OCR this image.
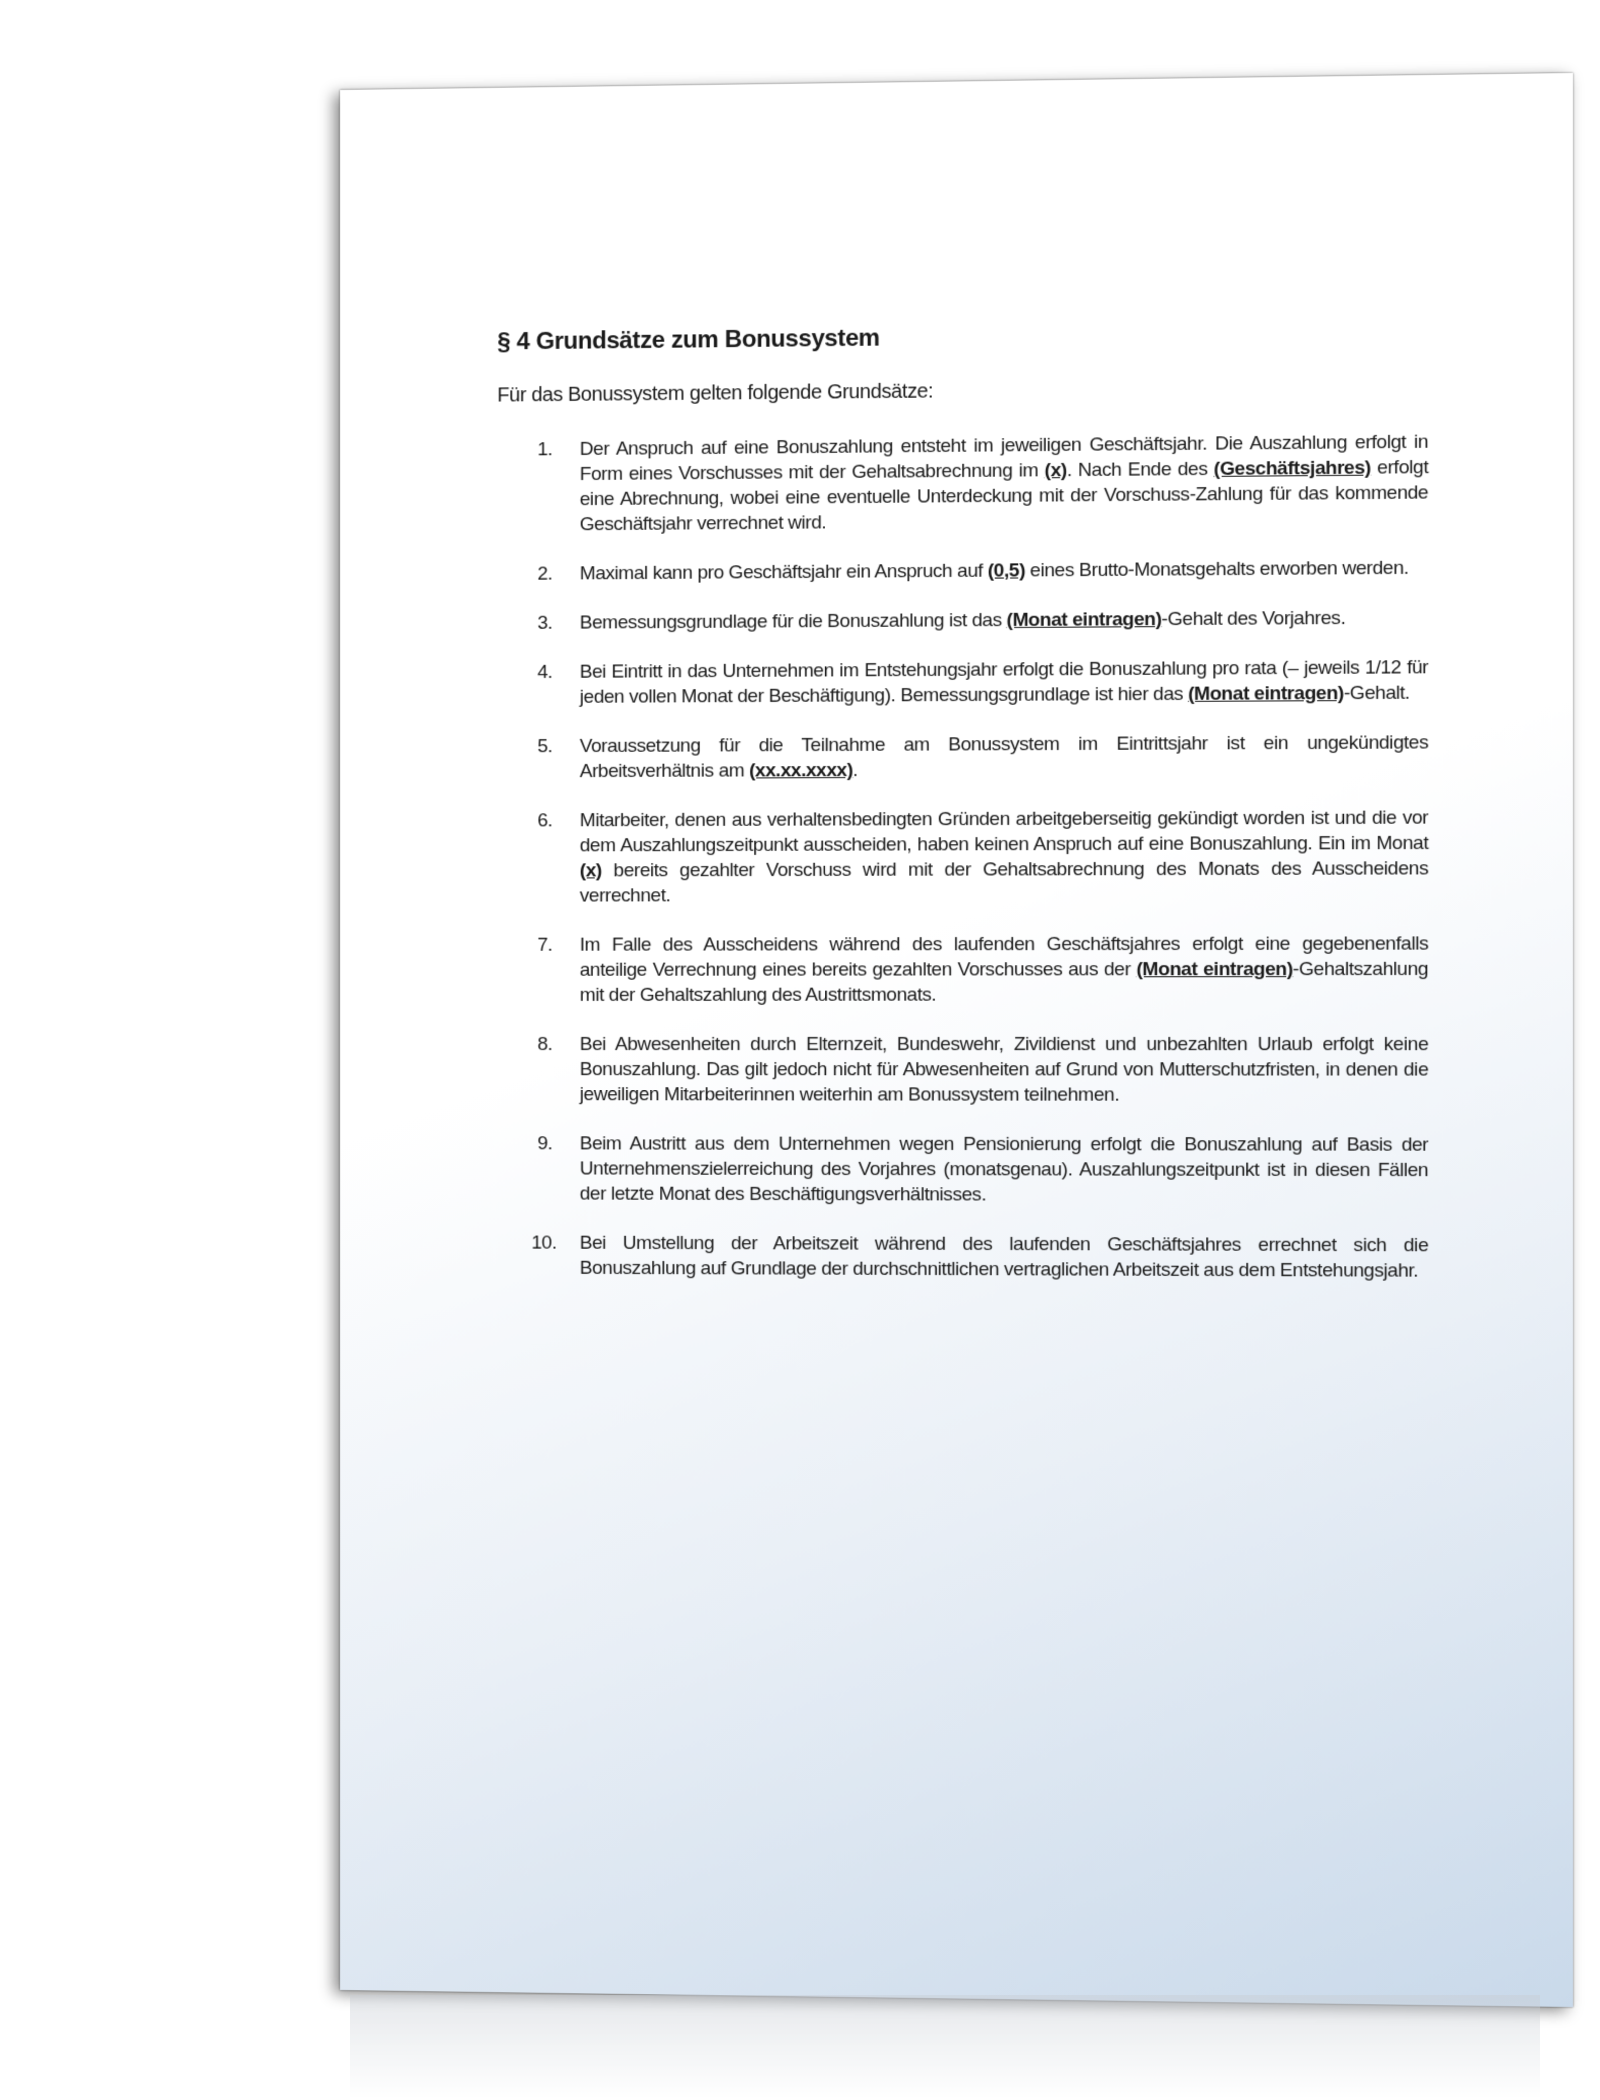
§ 4 Grundsätze zum Bonussystem

Für das Bonussystem gelten folgende Grundsätze:

1. Der Anspruch auf eine Bonuszahlung entsteht im jeweiligen Geschäftsjahr. Die Auszahlung erfolgt in Form eines Vorschusses mit der Gehaltsabrechnung im (x). Nach Ende des (Geschäftsjahres) erfolgt eine Abrechnung, wobei eine eventuelle Unterdeckung mit der Vorschuss-Zahlung für das kommende Geschäftsjahr verrechnet wird.
2. Maximal kann pro Geschäftsjahr ein Anspruch auf (0,5) eines Brutto-Monatsgehalts erworben werden.
3. Bemessungsgrundlage für die Bonuszahlung ist das (Monat eintragen)-Gehalt des Vorjahres.
4. Bei Eintritt in das Unternehmen im Entstehungsjahr erfolgt die Bonuszahlung pro rata (– jeweils 1/12 für jeden vollen Monat der Beschäftigung). Bemessungsgrundlage ist hier das (Monat eintragen)-Gehalt.
5. Voraussetzung für die Teilnahme am Bonussystem im Eintrittsjahr ist ein ungekündigtes Arbeitsverhältnis am (xx.xx.xxxx).
6. Mitarbeiter, denen aus verhaltensbedingten Gründen arbeitgeberseitig gekündigt worden ist und die vor dem Auszahlungszeitpunkt ausscheiden, haben keinen Anspruch auf eine Bonuszahlung. Ein im Monat (x) bereits gezahlter Vorschuss wird mit der Gehaltsabrechnung des Monats des Ausscheidens verrechnet.
7. Im Falle des Ausscheidens während des laufenden Geschäftsjahres erfolgt eine gegebenenfalls anteilige Verrechnung eines bereits gezahlten Vorschusses aus der (Monat eintragen)-Gehaltszahlung mit der Gehaltszahlung des Austrittsmonats.
8. Bei Abwesenheiten durch Elternzeit, Bundeswehr, Zivildienst und unbezahlten Urlaub erfolgt keine Bonuszahlung. Das gilt jedoch nicht für Abwesenheiten auf Grund von Mutterschutzfristen, in denen die jeweiligen Mitarbeiterinnen weiterhin am Bonussystem teilnehmen.
9. Beim Austritt aus dem Unternehmen wegen Pensionierung erfolgt die Bonuszahlung auf Basis der Unternehmenszielerreichung des Vorjahres (monatsgenau). Auszahlungszeitpunkt ist in diesen Fällen der letzte Monat des Beschäftigungsverhältnisses.
10. Bei Umstellung der Arbeitszeit während des laufenden Geschäftsjahres errechnet sich die Bonuszahlung auf Grundlage der durchschnittlichen vertraglichen Arbeitszeit aus dem Entstehungsjahr.
